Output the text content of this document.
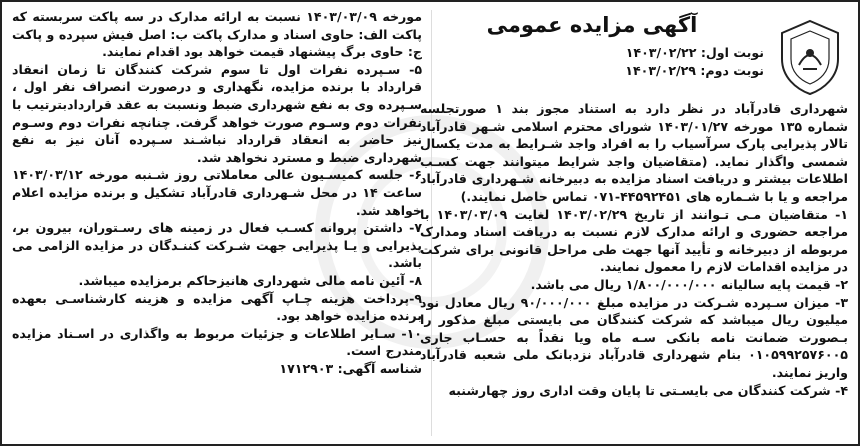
آگهی مزایده عمومی
نوبت اول: ۱۴۰۳/۰۲/۲۲
نوبت دوم: ۱۴۰۳/۰۲/۲۹

شهرداری قادرآباد در نظر دارد به استناد مجوز بند ۱ صورتجلسه شماره ۱۳۵ مورخه ۱۴۰۳/۰۱/۲۷ شورای محترم اسلامی شـهر قادرآباد تالار پذیرایی پارک سرآسیاب را به افراد واجد شـرایط به مدت یکسال شمسی واگذار نماید. (متقاضیان واجد شرایط میتوانند جهت کسـب اطلاعات بیشتر و دریافت اسناد مزایده به دبیرخانه شـهرداری قادرآباد مراجعه و یا با شـماره های ۴۴۵۹۲۴۵۱-۰۷۱ تماس حاصل نمایند.)

۱- متقاضیان مـی تـوانند از تاریخ ۱۴۰۳/۰۲/۲۹ لغایت ۱۴۰۳/۰۳/۰۹ با مراجعه حضوری و ارائه مدارک لازم نسبت به دریافت اسناد ومدارک مربوطه از دبیرخانه و تأیید آنها جهت طی مراحل قانونی برای شرکت در مزایده اقدامات لازم را معمول نمایند.

۲- قیمت پایه سالیانه ۱/۸۰۰/۰۰۰/۰۰۰ ریال می باشد.

۳- میزان سـپرده شـرکت در مزایده مبلغ ۹۰/۰۰۰/۰۰۰ ریال معادل نود میلیون ریال میباشد که شرکت کنندگان می بایستی مبلغ مذکور را بـصورت ضمانت نامه بانکی سـه ماه ویا نقداً به حسـاب جاری ۰۱۰۵۹۹۲۵۷۶۰۰۵ بنام شهرداری قادرآباد نزدبانک ملی شعبه قادرآباد واریز نمایند.

۴- شرکت کنندگان می بایسـتی تا پایان وقت اداری روز چهارشنبه

مورخه ۱۴۰۳/۰۳/۰۹ نسبت به ارائه مدارک در سه پاکت سربسته که پاکت الف: حاوی اسناد و مدارک پاکت ب: اصل فیش سپرده و پاکت ج: حاوی برگ پیشنهاد قیمت خواهد بود اقدام نمایند.

۵- سـپرده نفرات اول تا سوم شرکت کنندگان تا زمان انعقاد قرارداد با برنده مزایده، نگهداری و درصورت انصراف نفر اول ، سـپرده وی به نفع شهرداری ضبط ونسبت به عقد قراردادبترتیب با نفرات دوم وسـوم صورت خواهد گرفت. چنانچه نفرات دوم وسـوم نیز حاضر به انعقاد قرارداد نباشـند سـپرده آنان نیز به نفع شهرداری ضبط و مسترد نخواهد شد.

۶- جلسه کمیسـیون عالی معاملاتی روز شـنبه مورخه ۱۴۰۳/۰۳/۱۲ ساعت ۱۴ در محل شـهرداری قادرآباد تشکیل و برنده مزایده اعلام خواهد شد.

۷- داشتن پروانه کسـب فعال در زمینه های رسـتوران، بیرون بر، پذیرایی و یـا پذیرایی جهت شـرکت کننـدگان در مزایده الزامی می باشد.

۸- آئین نامه مالی شهرداری هانیزحاکم برمزایده میباشد.

۹-پرداخت هزینه چـاپ آگهی مزایده و هزینه کارشناسـی بعهده برنده مزایده خواهد بود.

۱۰- سـایر اطلاعات و جزئیات مربوط به واگذاری در اسـناد مزایده مندرج است.

شناسه آگهی: ۱۷۱۲۹۰۳
